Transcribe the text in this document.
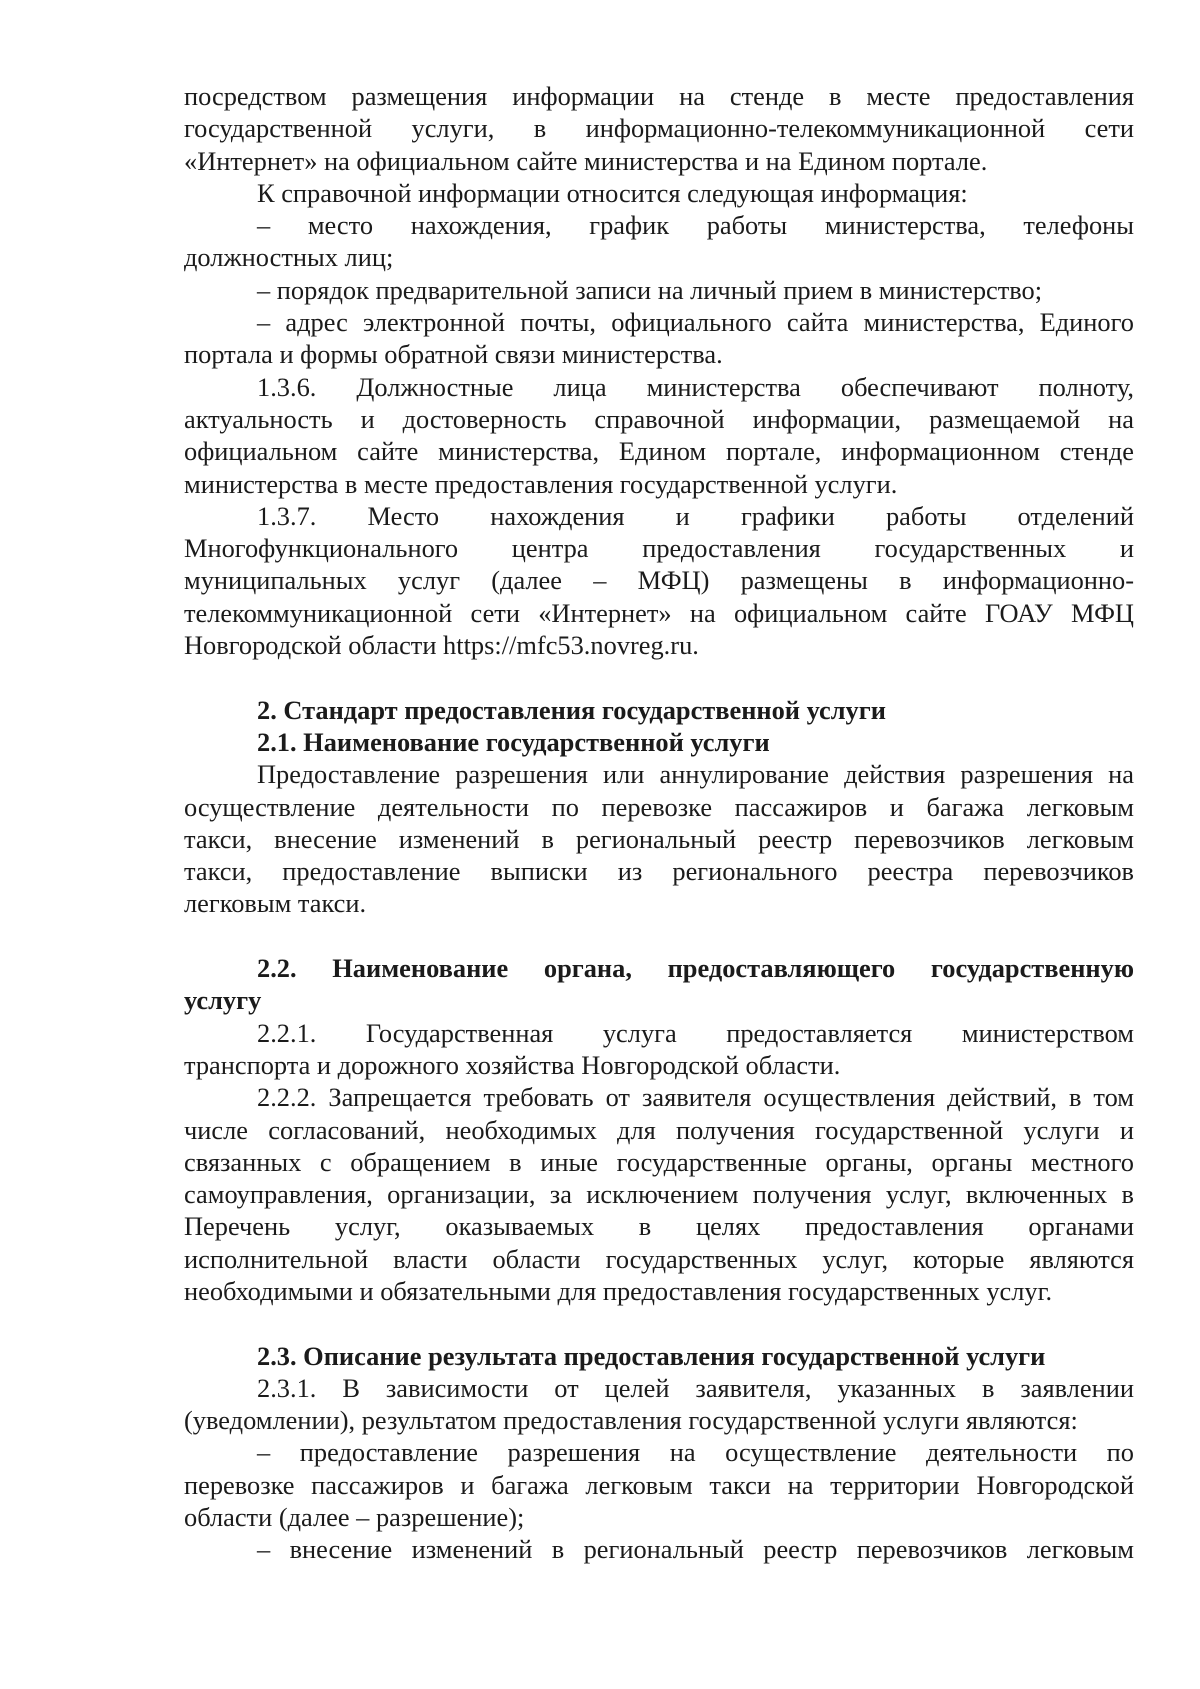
посредством размещения информации на стенде в месте предоставления
государственной услуги, в информационно-телекоммуникационной сети
«Интернет» на официальном сайте министерства и на Едином портале.
К справочной информации относится следующая информация:
– место нахождения, график работы министерства, телефоны
должностных лиц;
– порядок предварительной записи на личный прием в министерство;
– адрес электронной почты, официального сайта министерства, Единого
портала и формы обратной связи министерства.
1.3.6. Должностные лица министерства обеспечивают полноту,
актуальность и достоверность справочной информации, размещаемой на
официальном сайте министерства, Едином портале, информационном стенде
министерства в месте предоставления государственной услуги.
1.3.7. Место нахождения и графики работы отделений
Многофункционального центра предоставления государственных и
муниципальных услуг (далее – МФЦ) размещены в информационно-
телекоммуникационной сети «Интернет» на официальном сайте ГОАУ МФЦ
Новгородской области https://mfc53.novreg.ru.
2. Стандарт предоставления государственной услуги
2.1. Наименование государственной услуги
Предоставление разрешения или аннулирование действия разрешения на
осуществление деятельности по перевозке пассажиров и багажа легковым
такси, внесение изменений в региональный реестр перевозчиков легковым
такси, предоставление выписки из регионального реестра перевозчиков
легковым такси.
2.2. Наименование органа, предоставляющего государственную
услугу
2.2.1. Государственная услуга предоставляется министерством
транспорта и дорожного хозяйства Новгородской области.
2.2.2. Запрещается требовать от заявителя осуществления действий, в том
числе согласований, необходимых для получения государственной услуги и
связанных с обращением в иные государственные органы, органы местного
самоуправления, организации, за исключением получения услуг, включенных в
Перечень услуг, оказываемых в целях предоставления органами
исполнительной власти области государственных услуг, которые являются
необходимыми и обязательными для предоставления государственных услуг.
2.3. Описание результата предоставления государственной услуги
2.3.1. В зависимости от целей заявителя, указанных в заявлении
(уведомлении), результатом предоставления государственной услуги являются:
– предоставление разрешения на осуществление деятельности по
перевозке пассажиров и багажа легковым такси на территории Новгородской
области (далее – разрешение);
– внесение изменений в региональный реестр перевозчиков легковым
